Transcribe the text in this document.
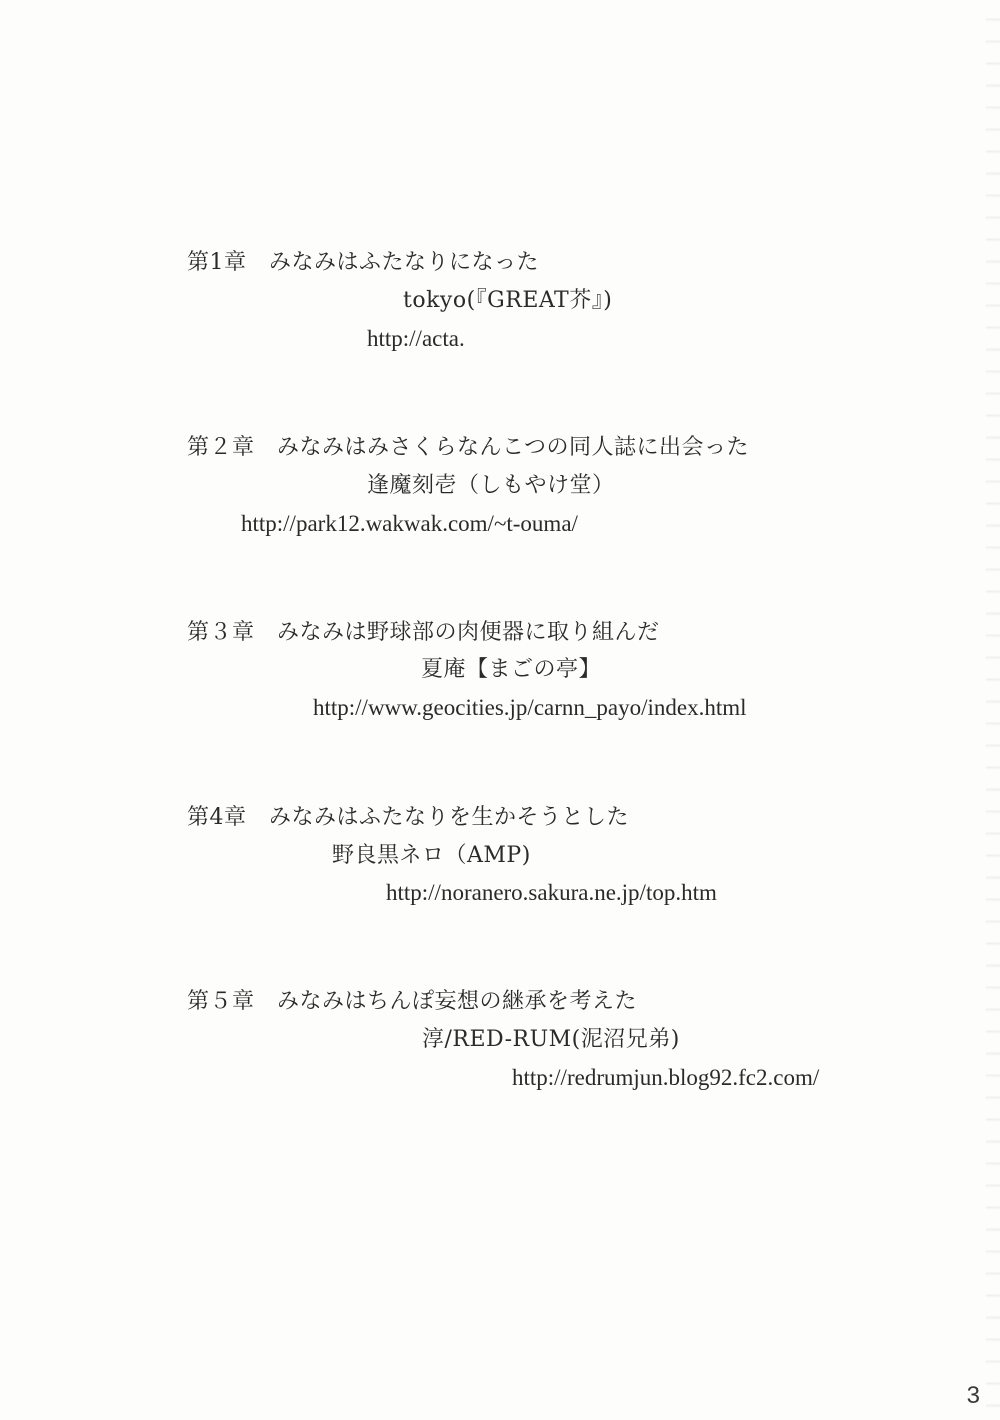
第1章　みなみはふたなりになった
tokyo(『GREAT芥』)
http://acta.
第２章　みなみはみさくらなんこつの同人誌に出会った
逢魔刻壱（しもやけ堂）
http://park12.wakwak.com/~t-ouma/
第３章　みなみは野球部の肉便器に取り組んだ
夏庵【まごの亭】
http://www.geocities.jp/carnn_payo/index.html
第4章　みなみはふたなりを生かそうとした
野良黒ネロ（AMP)
http://noranero.sakura.ne.jp/top.htm
第５章　みなみはちんぽ妄想の継承を考えた
淳/RED-RUM(泥沼兄弟)
http://redrumjun.blog92.fc2.com/
3
